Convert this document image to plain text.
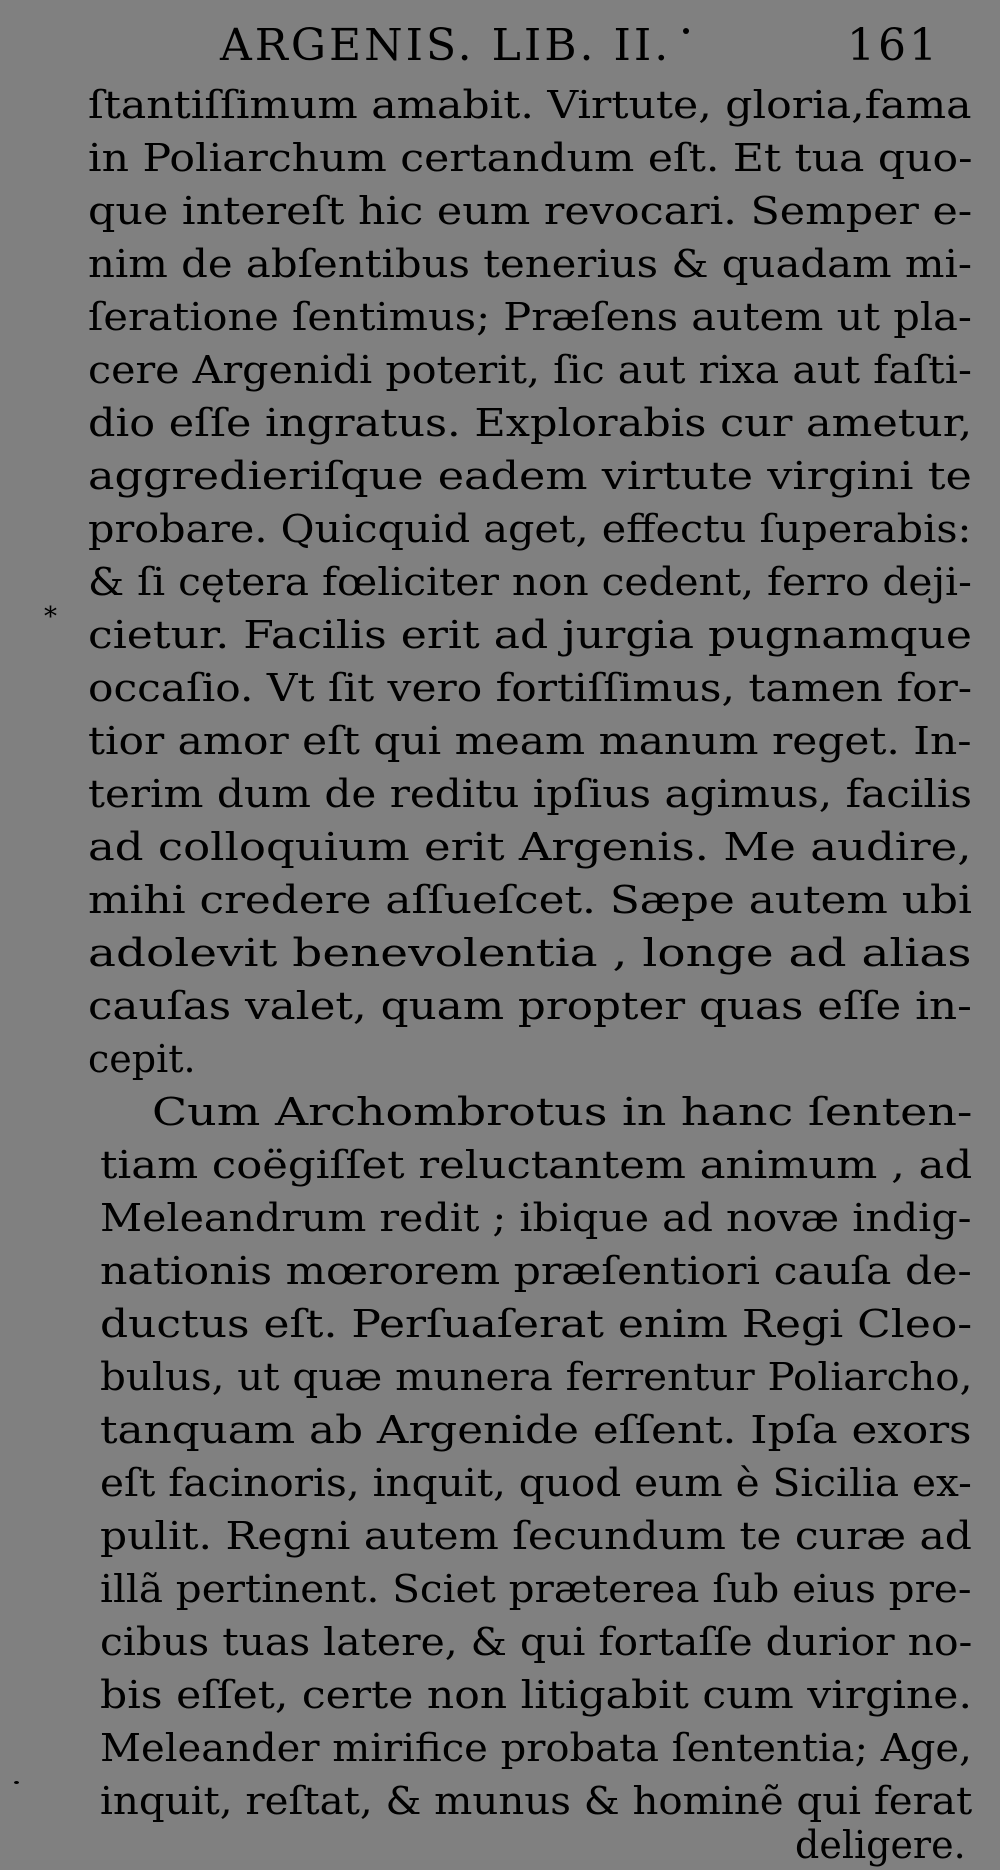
ARGENIS. LIB. II.	161
*
ſtantiſſimum amabit. Virtute, gloria,fama
in Poliarchum certandum eſt. Et tua quo-
que intereſt hic eum revocari. Semper e-
nim de abſentibus tenerius & quadam mi-
ſeratione ſentimus; Præſens autem ut pla-
cere Argenidi poterit, ſic aut rixa aut faſti-
dio eſſe ingratus. Explorabis cur ametur,
aggredieriſque eadem virtute virgini te
probare. Quicquid aget, effectu ſuperabis:
& ſi cętera fœliciter non cedent, ferro deji-
cietur. Facilis erit ad jurgia pugnamque
occaſio. Vt ſit vero fortiſſimus, tamen for-
tior amor eſt qui meam manum reget. In-
terim dum de reditu ipſius agimus, facilis
ad colloquium erit Argenis. Me audire,
mihi credere aſſueſcet. Sæpe autem ubi
adolevit benevolentia , longe ad alias
cauſas valet, quam propter quas eſſe in-
cepit.
Cum Archombrotus in hanc ſenten-
tiam coëgiſſet reluctantem animum , ad
Meleandrum redit ; ibique ad novæ indig-
nationis mœrorem præſentiori cauſa de-
ductus eſt. Perſuaſerat enim Regi Cleo-
bulus, ut quæ munera ferrentur Poliarcho,
tanquam ab Argenide eſſent. Ipſa exors
eſt facinoris, inquit, quod eum è Sicilia ex-
pulit. Regni autem ſecundum te curæ ad
illã pertinent. Sciet præterea ſub eius pre-
cibus tuas latere, & qui fortaſſe durior no-
bis eſſet, certe non litigabit cum virgine.
Meleander mirifice probata ſententia; Age,
inquit, reſtat, & munus & hominẽ qui ferat
deligere.
